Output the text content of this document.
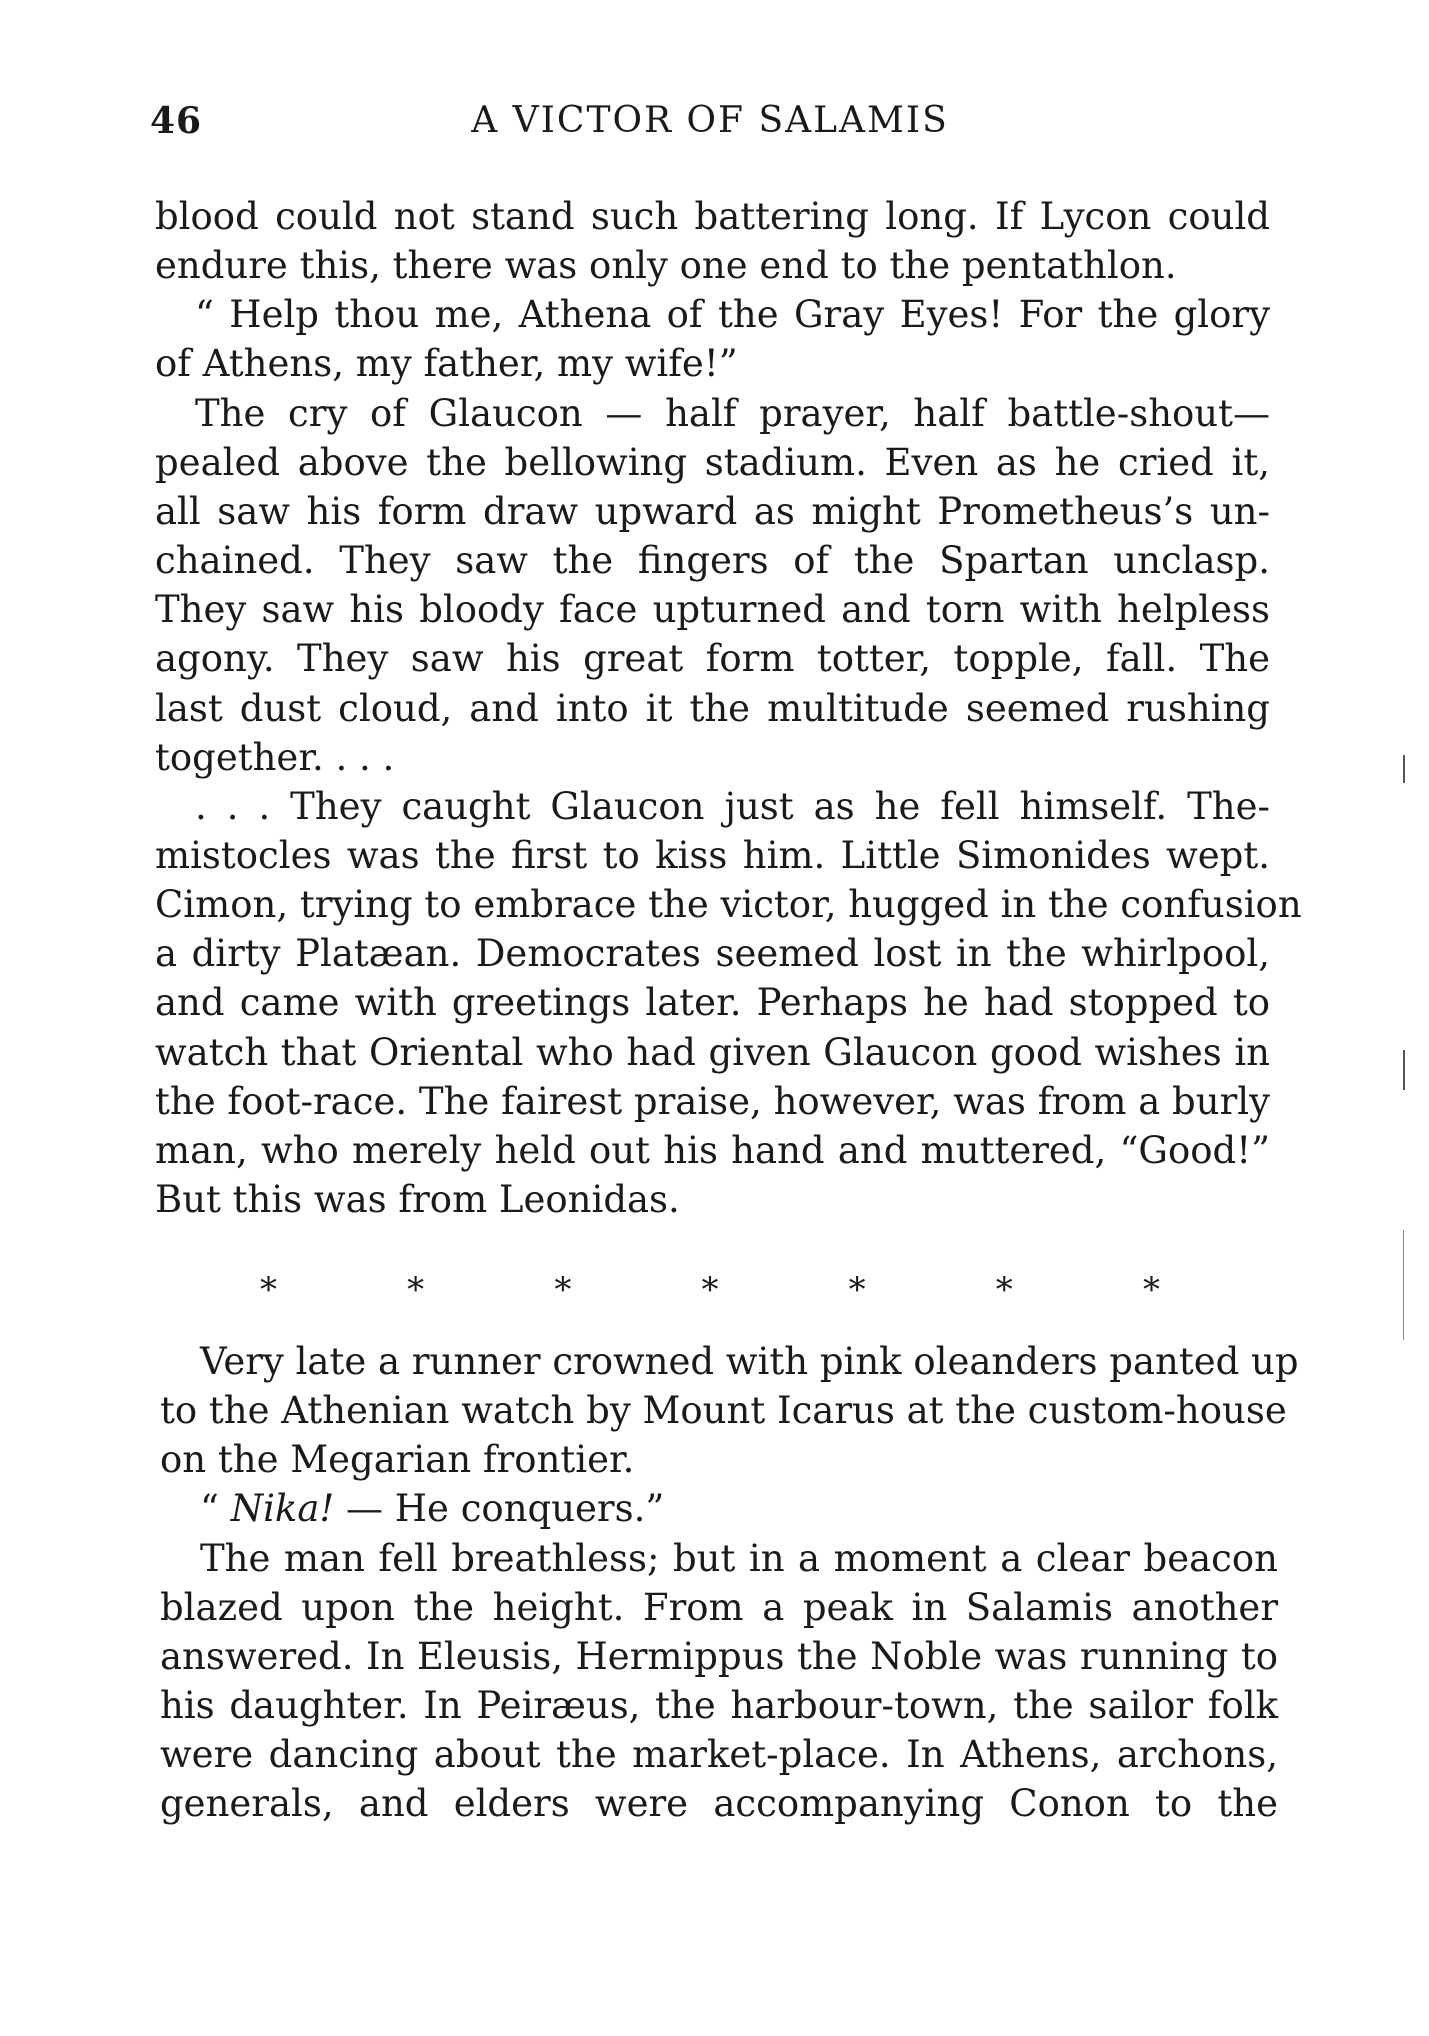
46	A VICTOR OF SALAMIS
blood could not stand such battering long. If Lycon could
endure this, there was only one end to the pentathlon.
“ Help thou me, Athena of the Gray Eyes! For the glory
of Athens, my father, my wife!”
The cry of Glaucon — half prayer, half battle-shout—
pealed above the bellowing stadium. Even as he cried it,
all saw his form draw upward as might Prometheus’s un-
chained. They saw the fingers of the Spartan unclasp.
They saw his bloody face upturned and torn with helpless
agony. They saw his great form totter, topple, fall. The
last dust cloud, and into it the multitude seemed rushing
together. . . .
. . . They caught Glaucon just as he fell himself. The-
mistocles was the first to kiss him. Little Simonides wept.
Cimon, trying to embrace the victor, hugged in the confusion
a dirty Platæan. Democrates seemed lost in the whirlpool,
and came with greetings later. Perhaps he had stopped to
watch that Oriental who had given Glaucon good wishes in
the foot-race. The fairest praise, however, was from a burly
man, who merely held out his hand and muttered, “Good!”
But this was from Leonidas.
*	*	*	*	*	*	*
Very late a runner crowned with pink oleanders panted up
to the Athenian watch by Mount Icarus at the custom-house
on the Megarian frontier.
“ Nika! — He conquers.”
The man fell breathless; but in a moment a clear beacon
blazed upon the height. From a peak in Salamis another
answered. In Eleusis, Hermippus the Noble was running to
his daughter. In Peiræus, the harbour-town, the sailor folk
were dancing about the market-place. In Athens, archons,
generals, and elders were accompanying Conon to the
